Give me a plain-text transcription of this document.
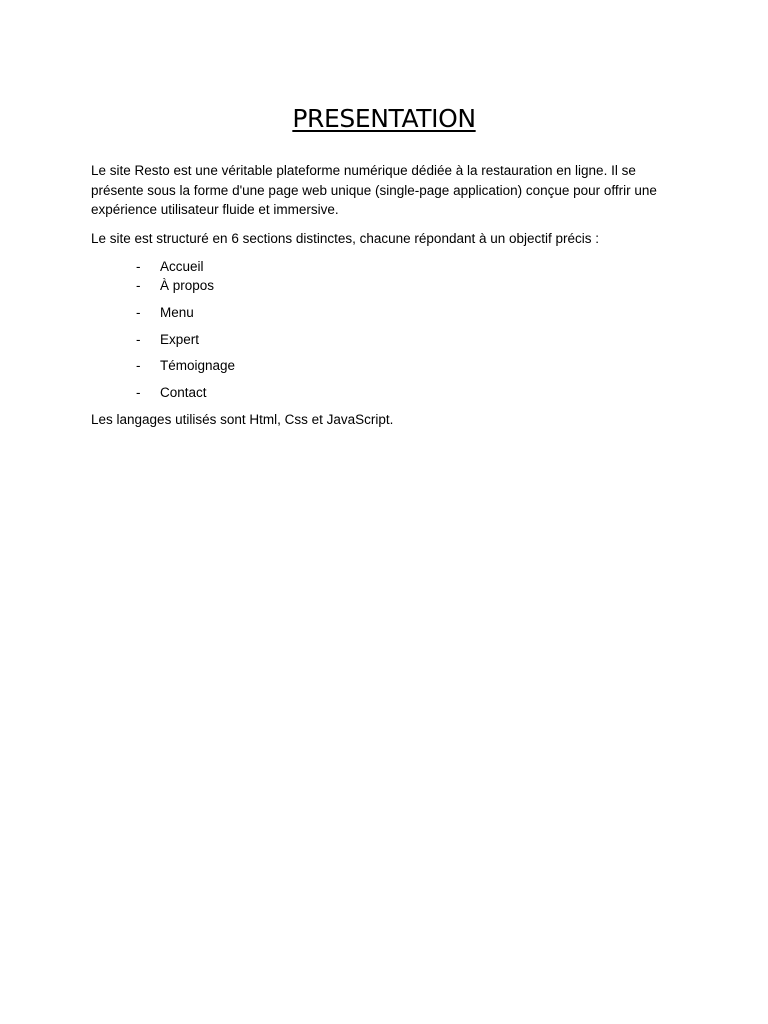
PRESENTATION

Le site Resto est une véritable plateforme numérique dédiée à la restauration en ligne. Il se présente sous la forme d'une page web unique (single-page application) conçue pour offrir une expérience utilisateur fluide et immersive.

Le site est structuré en 6 sections distinctes, chacune répondant à un objectif précis :

- Accueil
- À propos
- Menu
- Expert
- Témoignage
- Contact

Les langages utilisés sont Html, Css et JavaScript.
